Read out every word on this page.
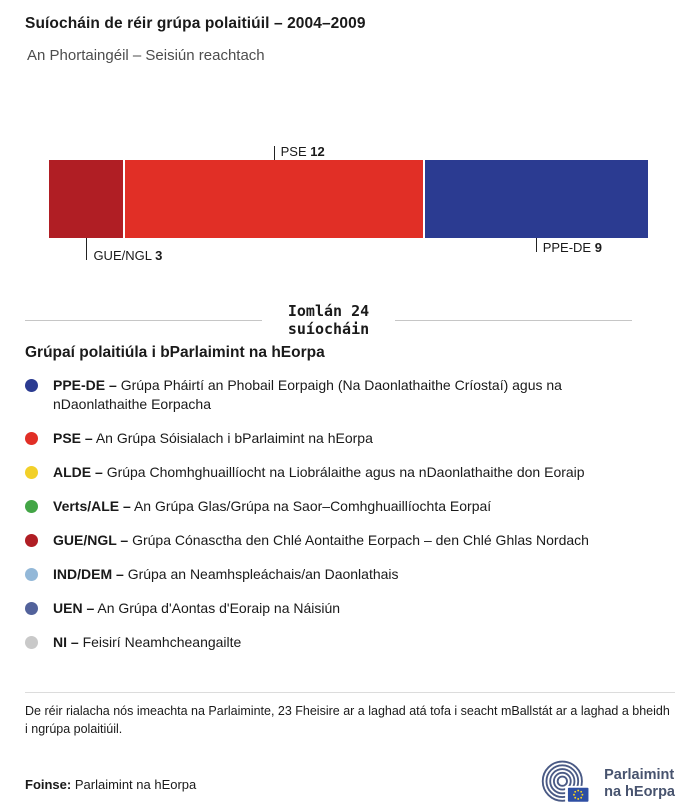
Suíocháin de réir grúpa polaitiúil – 2004–2009
An Phortaingéil – Seisiún reachtach
PSE 12
GUE/NGL 3
PPE-DE 9
Iomlán 24
suíocháin
Grúpaí polaitiúla i bParlaimint na hEorpa
PPE-DE – Grúpa Pháirtí an Phobail Eorpaigh (Na Daonlathaithe Críostaí) agus na nDaonlathaithe Eorpacha
PSE – An Grúpa Sóisialach i bParlaimint na hEorpa
ALDE – Grúpa Chomhghuaillíocht na Liobrálaithe agus na nDaonlathaithe don Eoraip
Verts/ALE – An Grúpa Glas/Grúpa na Saor–Comhghuaillíochta Eorpaí
GUE/NGL – Grúpa Cónasctha den Chlé Aontaithe Eorpach – den Chlé Ghlas Nordach
IND/DEM – Grúpa an Neamhspleáchais/an Daonlathais
UEN – An Grúpa d'Aontas d'Eoraip na Náisiún
NI – Feisirí Neamhcheangailte

De réir rialacha nós imeachta na Parlaiminte, 23 Fheisire ar a laghad atá tofa i seacht mBallstát ar a laghad a bheidh i ngrúpa polaitiúil.

Foinse: Parlaimint na hEorpa
Parlaimint
na hEorpa
